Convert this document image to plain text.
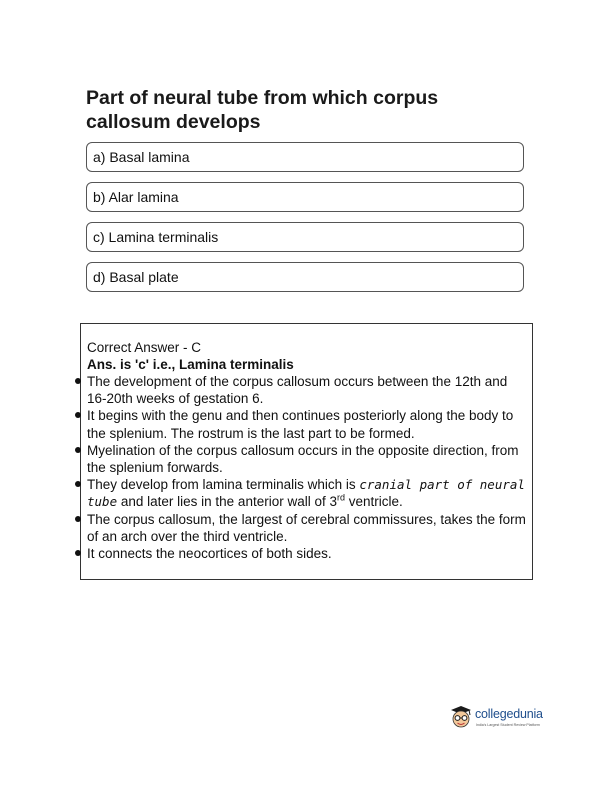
Part of neural tube from which corpus callosum develops
a) Basal lamina
b) Alar lamina
c) Lamina terminalis
d) Basal plate

Correct Answer - C

Ans. is 'c' i.e., Lamina terminalis

The development of the corpus callosum occurs between the 12th and 16-20th weeks of gestation 6.
It begins with the genu and then continues posteriorly along the body to the splenium. The rostrum is the last part to be formed.
Myelination of the corpus callosum occurs in the opposite direction, from the splenium forwards.
They develop from lamina terminalis which is cranial part of neural tube and later lies in the anterior wall of 3rd ventricle.
The corpus callosum, the largest of cerebral commissures, takes the form of an arch over the third ventricle.
It connects the neocortices of both sides.
collegedunia
India's Largest Student Review Platform
